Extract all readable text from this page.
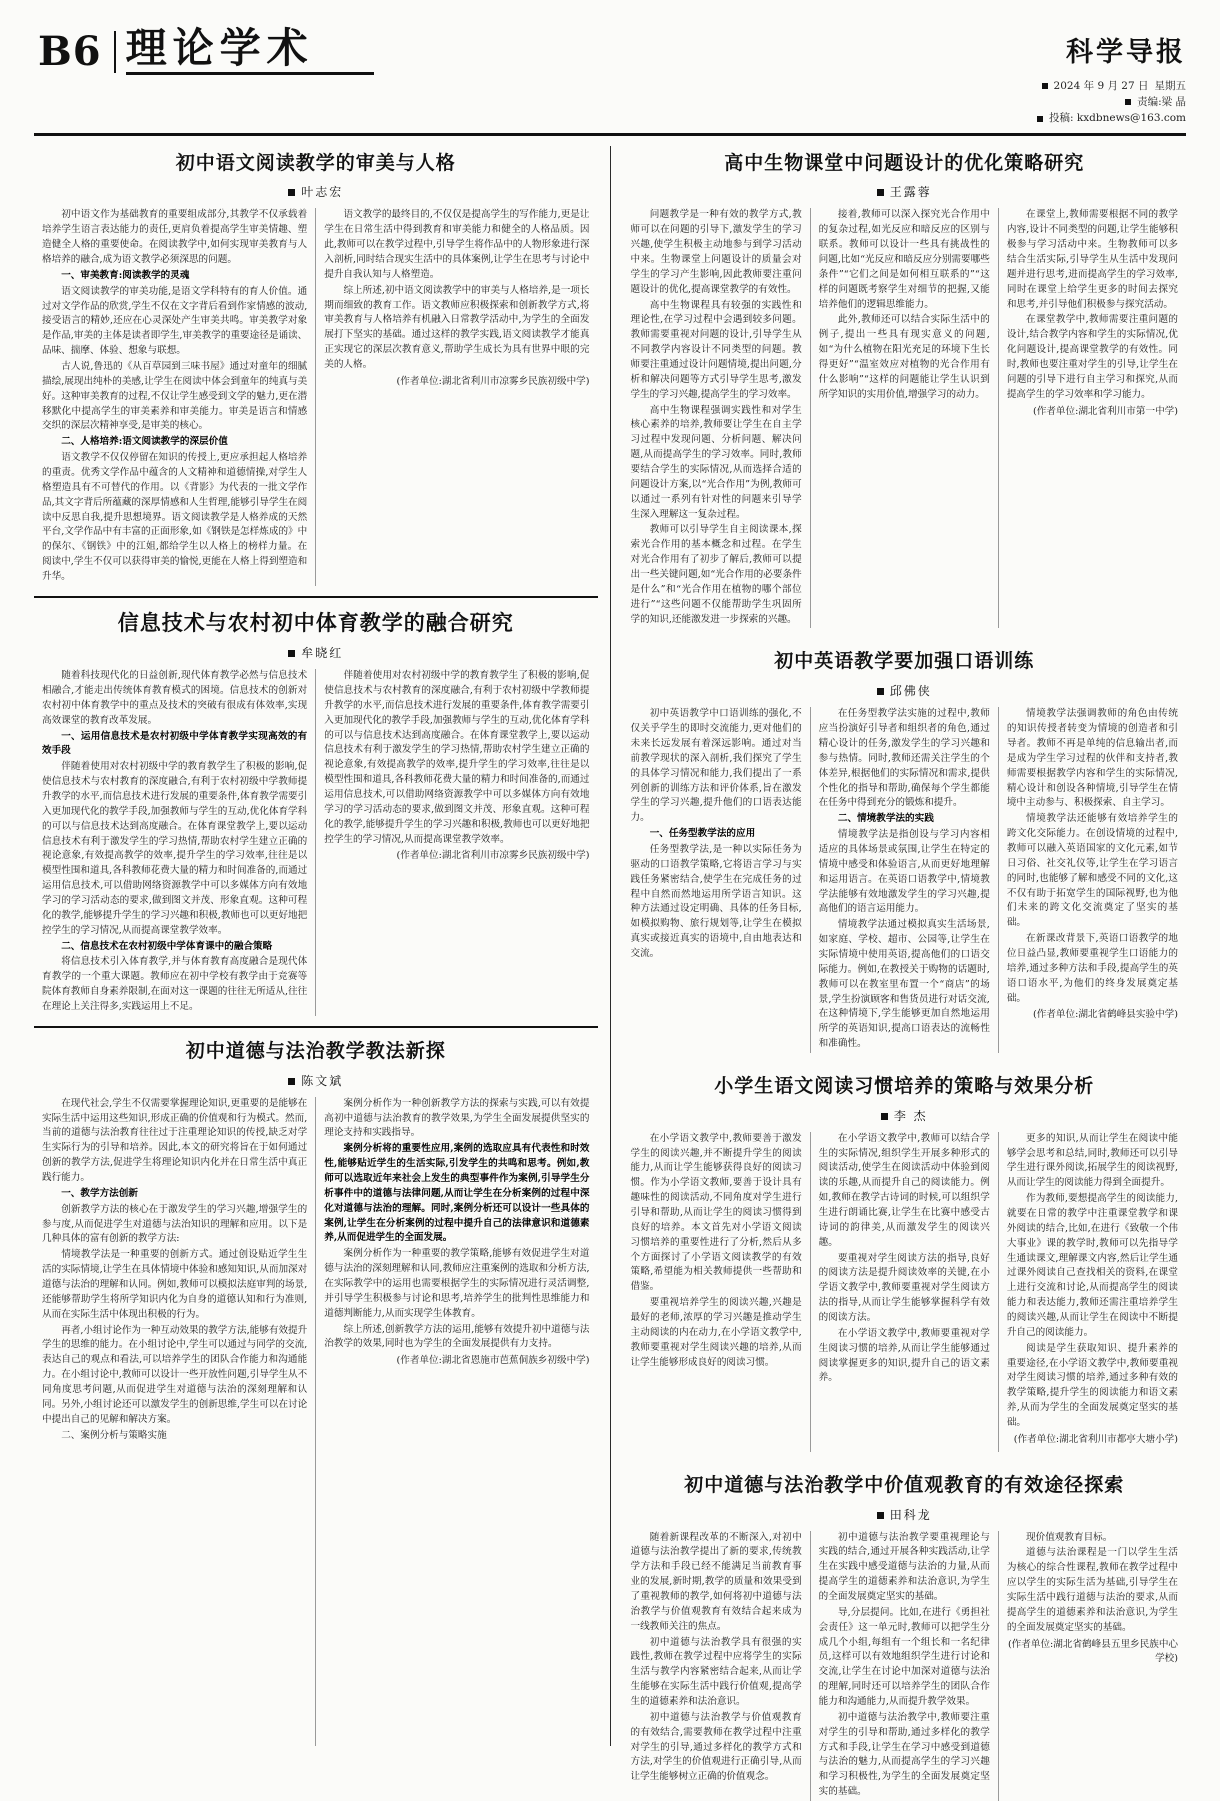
B6 理论学术	科学导报
2024 年 9 月 27 日 星期五
责编:梁 晶
投稿: kxdbnews@163.com
初中语文阅读教学的审美与人格
叶志宏

初中语文作为基础教育的重要组成部分,其教学不仅承载着培养学生语言表达能力的责任,更肩负着提高学生审美情趣、塑造健全人格的重要使命。在阅读教学中,如何实现审美教育与人格培养的融合,成为语文教学必须深思的问题。

一、审美教育:阅读教学的灵魂

语文阅读教学的审美功能,是语文学科特有的育人价值。通过对文学作品的欣赏,学生不仅在文字背后看到作家情感的波动,接受语言的精妙,还应在心灵深处产生审美共鸣。审美教学对象是作品,审美的主体是读者即学生,审美教学的重要途径是诵读、品味、揣摩、体验、想象与联想。

古人说,鲁迅的《从百草园到三味书屋》通过对童年的细腻描绘,展现出纯朴的美感,让学生在阅读中体会到童年的纯真与美好。这种审美教育的过程,不仅让学生感受到文学的魅力,更在潜移默化中提高学生的审美素养和审美能力。审美是语言和情感交织的深层次精神享受,是审美的核心。

二、人格培养:语文阅读教学的深层价值

语文教学不仅仅停留在知识的传授上,更应承担起人格培养的重责。优秀文学作品中蕴含的人文精神和道德情操,对学生人格塑造具有不可替代的作用。以《背影》为代表的一批文学作品,其文字背后所蕴藏的深厚情感和人生哲理,能够引导学生在阅读中反思自我,提升思想境界。语文阅读教学是人格养成的天然平台,文学作品中有丰富的正面形象,如《钢铁是怎样炼成的》中的保尔、《钢铁》中的江姐,都给学生以人格上的榜样力量。在阅读中,学生不仅可以获得审美的愉悦,更能在人格上得到塑造和升华。

语文教学的最终目的,不仅仅是提高学生的写作能力,更是让学生在日常生活中得到教育和审美能力和健全的人格品质。因此,教师可以在教学过程中,引导学生将作品中的人物形象进行深入剖析,同时结合现实生活中的具体案例,让学生在思考与讨论中提升自我认知与人格塑造。

综上所述,初中语文阅读教学中的审美与人格培养,是一项长期而细致的教育工作。语文教师应积极探索和创新教学方式,将审美教育与人格培养有机融入日常教学活动中,为学生的全面发展打下坚实的基础。通过这样的教学实践,语文阅读教学才能真正实现它的深层次教育意义,帮助学生成长为具有世界中眼的完美的人格。

(作者单位:湖北省利川市凉雾乡民族初级中学)

信息技术与农村初中体育教学的融合研究
牟晓红

随着科技现代化的日益创新,现代体育教学必然与信息技术相融合,才能走出传统体育教育模式的困境。信息技术的创新对农村初中体育教学中的重点及技术的突破有很成有体效率,实现高效课堂的教育改革发展。

一、运用信息技术是农村初级中学体育教学实现高效的有效手段

伴随着使用对农村初级中学的教育教学生了积极的影响,促使信息技术与农村教育的深度融合,有利于农村初级中学教师提升教学的水平,而信息技术进行发展的重要条件,体育教学需要引入更加现代化的教学手段,加强教师与学生的互动,优化体育学科的可以与信息技术达到高度融合。在体育课堂教学上,要以运动信息技术有利于激发学生的学习热情,帮助农村学生建立正确的视论意象,有效提高教学的效率,提升学生的学习效率,往往是以模型性围和道具,各科教师花费大量的精力和时间准备的,而通过运用信息技术,可以借助网络资源教学中可以多媒体方向有效地学习的学习活动态的要求,做到图文并茂、形象直观。这种可程化的教学,能够提升学生的学习兴趣和积极,教师也可以更好地把控学生的学习情况,从而提高课堂教学效率。

二、信息技术在农村初级中学体育课中的融合策略

将信息技术引入体育教学,并与体育教育高度融合是现代体育教学的一个重大课题。教师应在初中学校有教学由于竞赛等院体育教师自身素养限制,在面对这一课题的往往无所适从,往往在理论上关注得多,实践运用上不足。

伴随着使用对农村初级中学的教育教学生了积极的影响,促使信息技术与农村教育的深度融合,有利于农村初级中学教师提升教学的水平,而信息技术进行发展的重要条件,体育教学需要引入更加现代化的教学手段,加强教师与学生的互动,优化体育学科的可以与信息技术达到高度融合。在体育课堂教学上,要以运动信息技术有利于激发学生的学习热情,帮助农村学生建立正确的视论意象,有效提高教学的效率,提升学生的学习效率,往往是以模型性围和道具,各科教师花费大量的精力和时间准备的,而通过运用信息技术,可以借助网络资源教学中可以多媒体方向有效地学习的学习活动态的要求,做到图文并茂、形象直观。这种可程化的教学,能够提升学生的学习兴趣和积极,教师也可以更好地把控学生的学习情况,从而提高课堂教学效率。

(作者单位:湖北省利川市凉雾乡民族初级中学)

初中道德与法治教学教法新探
陈文斌

在现代社会,学生不仅需要掌握理论知识,更重要的是能够在实际生活中运用这些知识,形成正确的价值观和行为模式。然而,当前的道德与法治教育往往过于注重理论知识的传授,缺乏对学生实际行为的引导和培养。因此,本文的研究将旨在于如何通过创新的教学方法,促进学生将理论知识内化并在日常生活中真正践行能力。

一、教学方法创新

创新教学方法的核心在于激发学生的学习兴趣,增强学生的参与度,从而促进学生对道德与法治知识的理解和应用。以下是几种具体的富有创新的教学方法:

情境教学法是一种重要的创新方式。通过创设贴近学生生活的实际情境,让学生在具体情境中体验和感知知识,从而加深对道德与法治的理解和认同。例如,教师可以模拟法庭审判的场景,还能够帮助学生将所学知识内化为自身的道德认知和行为准则,从而在实际生活中体现出积极的行为。

再者,小组讨论作为一种互动效果的教学方法,能够有效提升学生的思维的能力。在小组讨论中,学生可以通过与同学的交流,表达自己的观点和看法,可以培养学生的团队合作能力和沟通能力。在小组讨论中,教师可以设计一些开放性问题,引导学生从不同角度思考问题,从而促进学生对道德与法治的深刻理解和认同。另外,小组讨论还可以激发学生的创新思维,学生可以在讨论中提出自己的见解和解决方案。

二、案例分析与策略实施

案例分析作为一种创新教学方法的探索与实践,可以有效提高初中道德与法治教育的教学效果,为学生全面发展提供坚实的理论支持和实践指导。

案例分析将的重要性应用,案例的选取应具有代表性和时效性,能够贴近学生的生活实际,引发学生的共鸣和思考。例如,教师可以选取近年来社会上发生的典型事件作为案例,引导学生分析事件中的道德与法律问题,从而让学生在分析案例的过程中深化对道德与法治的理解。同时,案例分析还可以设计一些具体的案例,让学生在分析案例的过程中提升自己的法律意识和道德素养,从而促进学生的全面发展。

案例分析作为一种重要的教学策略,能够有效促进学生对道德与法治的深刻理解和认同,教师应注重案例的选取和分析方法,在实际教学中的运用也需要根据学生的实际情况进行灵活调整,并引导学生积极参与讨论和思考,培养学生的批判性思维能力和道德判断能力,从而实现学生体教育。

综上所述,创新教学方法的运用,能够有效提升初中道德与法治教学的效果,同时也为学生的全面发展提供有力支持。

(作者单位:湖北省恩施市芭蕉侗族乡初级中学)

高中生物课堂中问题设计的优化策略研究
王露蓉

问题教学是一种有效的教学方式,教师可以在问题的引导下,激发学生的学习兴趣,使学生积极主动地参与到学习活动中来。生物课堂上问题设计的质量会对学生的学习产生影响,因此教师要注重问题设计的优化,提高课堂教学的有效性。

高中生物课程具有较强的实践性和理论性,在学习过程中会遇到较多问题。教师需要重视对问题的设计,引导学生从不同教学内容设计不同类型的问题。教师要注重通过设计问题情境,提出问题,分析和解决问题等方式引导学生思考,激发学生的学习兴趣,提高学生的学习效率。

高中生物课程强调实践性和对学生核心素养的培养,教师要让学生在自主学习过程中发现问题、分析问题、解决问题,从而提高学生的学习效率。同时,教师要结合学生的实际情况,从而选择合适的问题设计方案,以“光合作用”为例,教师可以通过一系列有针对性的问题来引导学生深入理解这一复杂过程。

教师可以引导学生自主阅读课本,探索光合作用的基本概念和过程。在学生对光合作用有了初步了解后,教师可以提出一些关键问题,如“光合作用的必要条件是什么”和“光合作用在植物的哪个部位进行”“这些问题不仅能帮助学生巩固所学的知识,还能激发进一步探索的兴趣。

接着,教师可以深入探究光合作用中的复杂过程,如光反应和暗反应的区别与联系。教师可以设计一些具有挑战性的问题,比如“光反应和暗反应分别需要哪些条件”“它们之间是如何相互联系的”“这样的问题既考察学生对细节的把握,又能培养他们的逻辑思维能力。

此外,教师还可以结合实际生活中的例子,提出一些具有现实意义的问题,如“为什么植物在阳光充足的环境下生长得更好”“温室效应对植物的光合作用有什么影响”“这样的问题能让学生认识到所学知识的实用价值,增强学习的动力。

在课堂上,教师需要根据不同的教学内容,设计不同类型的问题,让学生能够积极参与学习活动中来。生物教师可以多结合生活实际,引导学生从生活中发现问题并进行思考,进而提高学生的学习效率,同时在课堂上给学生更多的时间去探究和思考,并引导他们积极参与探究活动。

在课堂教学中,教师需要注重问题的设计,结合教学内容和学生的实际情况,优化问题设计,提高课堂教学的有效性。同时,教师也要注重对学生的引导,让学生在问题的引导下进行自主学习和探究,从而提高学生的学习效率和学习能力。

(作者单位:湖北省利川市第一中学)

初中英语教学要加强口语训练
邱佛侠

初中英语教学中口语训练的强化,不仅关乎学生的即时交流能力,更对他们的未来长远发展有着深远影响。通过对当前教学现状的深入剖析,我们探究了学生的具体学习情况和能力,我们提出了一系列创新的训练方法和评价体系,旨在激发学生的学习兴趣,提升他们的口语表达能力。

一、任务型教学法的应用

任务型教学法,是一种以实际任务为驱动的口语教学策略,它将语言学习与实践任务紧密结合,使学生在完成任务的过程中自然而然地运用所学语言知识。这种方法通过设定明确、具体的任务目标,如模拟购物、旅行规划等,让学生在模拟真实或接近真实的语境中,自由地表达和交流。

在任务型教学法实施的过程中,教师应当扮演好引导者和组织者的角色,通过精心设计的任务,激发学生的学习兴趣和参与热情。同时,教师还需关注学生的个体差异,根据他们的实际情况和需求,提供个性化的指导和帮助,确保每个学生都能在任务中得到充分的锻炼和提升。

二、情境教学法的实践

情境教学法是指创设与学习内容相适应的具体场景或氛围,让学生在特定的情境中感受和体验语言,从而更好地理解和运用语言。在英语口语教学中,情境教学法能够有效地激发学生的学习兴趣,提高他们的语言运用能力。

情境教学法通过模拟真实生活场景,如家庭、学校、超市、公园等,让学生在实际情境中使用英语,提高他们的口语交际能力。例如,在教授关于购物的话题时,教师可以在教室里布置一个“商店”的场景,学生扮演顾客和售货员进行对话交流,在这种情境下,学生能够更加自然地运用所学的英语知识,提高口语表达的流畅性和准确性。

情境教学法强调教师的角色由传统的知识传授者转变为情境的创造者和引导者。教师不再是单纯的信息输出者,而是成为学生学习过程的伙伴和支持者,教师需要根据教学内容和学生的实际情况,精心设计和创设各种情境,引导学生在情境中主动参与、积极探索、自主学习。

情境教学法还能够有效培养学生的跨文化交际能力。在创设情境的过程中,教师可以融入英语国家的文化元素,如节日习俗、社交礼仪等,让学生在学习语言的同时,也能够了解和感受不同的文化,这不仅有助于拓宽学生的国际视野,也为他们未来的跨文化交流奠定了坚实的基础。

在新课改背景下,英语口语教学的地位日益凸显,教师要重视学生口语能力的培养,通过多种方法和手段,提高学生的英语口语水平,为他们的终身发展奠定基础。

(作者单位:湖北省鹤峰县实验中学)

小学生语文阅读习惯培养的策略与效果分析
李 杰

在小学语文教学中,教师要善于激发学生的阅读兴趣,并不断提升学生的阅读能力,从而让学生能够获得良好的阅读习惯。作为小学语文教师,要善于设计具有趣味性的阅读活动,不同角度对学生进行引导和帮助,从而让学生的阅读习惯得到良好的培养。本文首先对小学语文阅读习惯培养的重要性进行了分析,然后从多个方面探讨了小学语文阅读教学的有效策略,希望能为相关教师提供一些帮助和借鉴。

要重视培养学生的阅读兴趣,兴趣是最好的老师,浓厚的学习兴趣是推动学生主动阅读的内在动力,在小学语文教学中,教师要重视对学生阅读兴趣的培养,从而让学生能够形成良好的阅读习惯。

在小学语文教学中,教师可以结合学生的实际情况,组织学生开展多种形式的阅读活动,使学生在阅读活动中体验到阅读的乐趣,从而提升自己的阅读能力。例如,教师在教学古诗词的时候,可以组织学生进行朗诵比赛,让学生在比赛中感受古诗词的韵律美,从而激发学生的阅读兴趣。

要重视对学生阅读方法的指导,良好的阅读方法是提升阅读效率的关键,在小学语文教学中,教师要重视对学生阅读方法的指导,从而让学生能够掌握科学有效的阅读方法。

在小学语文教学中,教师要重视对学生阅读习惯的培养,从而让学生能够通过阅读掌握更多的知识,提升自己的语文素养。

更多的知识,从而让学生在阅读中能够学会思考和总结,同时,教师还可以引导学生进行课外阅读,拓展学生的阅读视野,从而让学生的阅读能力得到全面提升。

作为教师,要想提高学生的阅读能力,就要在日常的教学中注重课堂教学和课外阅读的结合,比如,在进行《致敬一个伟大事业》课的教学时,教师可以先指导学生通读课文,理解课文内容,然后让学生通过课外阅读自己查找相关的资料,在课堂上进行交流和讨论,从而提高学生的阅读能力和表达能力,教师还需注重培养学生的阅读兴趣,从而让学生在阅读中不断提升自己的阅读能力。

阅读是学生获取知识、提升素养的重要途径,在小学语文教学中,教师要重视对学生阅读习惯的培养,通过多种有效的教学策略,提升学生的阅读能力和语文素养,从而为学生的全面发展奠定坚实的基础。

(作者单位:湖北省利川市都亭大塘小学)

初中道德与法治教学中价值观教育的有效途径探索
田科龙

随着新课程改革的不断深入,对初中道德与法治教学提出了新的要求,传统教学方法和手段已经不能满足当前教育事业的发展,新时期,教学的质量和效果受到了重视教师的教学,如何将初中道德与法治教学与价值观教育有效结合起来成为一线教师关注的焦点。

初中道德与法治教学具有很强的实践性,教师在教学过程中应将学生的实际生活与教学内容紧密结合起来,从而让学生能够在实际生活中践行价值观,提高学生的道德素养和法治意识。

初中道德与法治教学与价值观教育的有效结合,需要教师在教学过程中注重对学生的引导,通过多样化的教学方式和方法,对学生的价值观进行正确引导,从而让学生能够树立正确的价值观念。

初中道德与法治教学要重视理论与实践的结合,通过开展各种实践活动,让学生在实践中感受道德与法治的力量,从而提高学生的道德素养和法治意识,为学生的全面发展奠定坚实的基础。

导,分层提问。比如,在进行《勇担社会责任》这一单元时,教师可以把学生分成几个小组,每组有一个组长和一名纪律员,这样可以有效地组织学生进行讨论和交流,让学生在讨论中加深对道德与法治的理解,同时还可以培养学生的团队合作能力和沟通能力,从而提升教学效果。

初中道德与法治教学中,教师要注重对学生的引导和帮助,通过多样化的教学方式和手段,让学生在学习中感受到道德与法治的魅力,从而提高学生的学习兴趣和学习积极性,为学生的全面发展奠定坚实的基础。

现价值观教育目标。

道德与法治课程是一门以学生生活为核心的综合性课程,教师在教学过程中应以学生的实际生活为基础,引导学生在实际生活中践行道德与法治的要求,从而提高学生的道德素养和法治意识,为学生的全面发展奠定坚实的基础。

(作者单位:湖北省鹤峰县五里乡民族中心学校)
